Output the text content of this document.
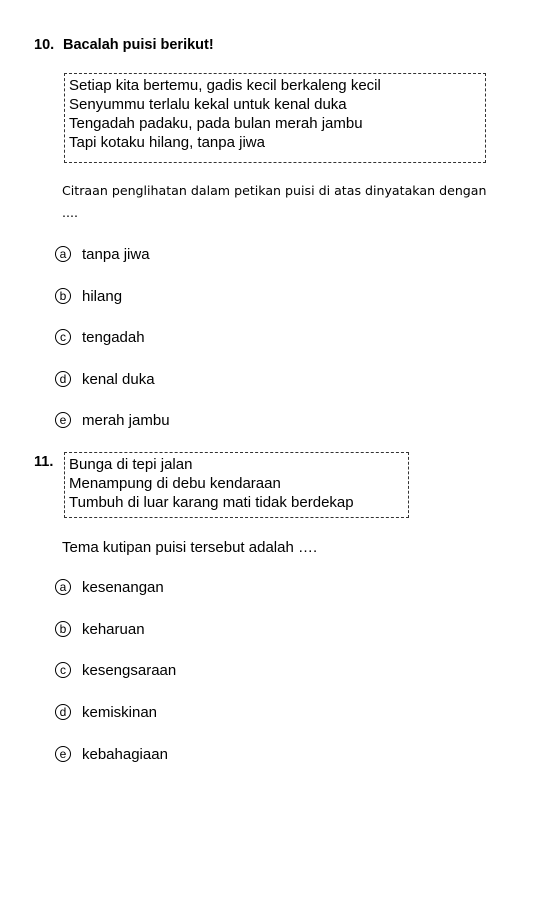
10. Bacalah puisi berikut!
Setiap kita bertemu, gadis kecil berkaleng kecil
Senyummu terlalu kekal untuk kenal duka
Tengadah padaku, pada bulan merah jambu
Tapi kotaku hilang, tanpa jiwa
Citraan penglihatan dalam petikan puisi di atas dinyatakan dengan
....
a	tanpa jiwa
b	hilang
c	tengadah
d	kenal duka
e	merah jambu
11. Bunga di tepi jalan
Menampung di debu kendaraan
Tumbuh di luar karang mati tidak berdekap
Tema kutipan puisi tersebut adalah ….
a	kesenangan
b	keharuan
c	kesengsaraan
d	kemiskinan
e	kebahagiaan
